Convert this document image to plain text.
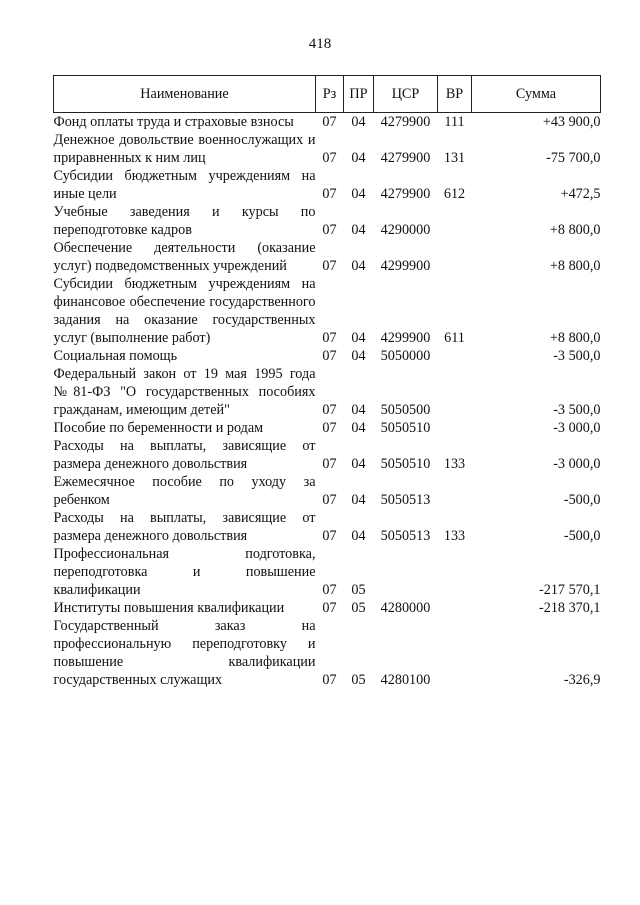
418
Наименование	Рз	ПР	ЦСР	ВР	Сумма
Фонд оплаты труда и страховые взносы	07	04	4279900	111	+43 900,0
Денежное довольствие военнослужащих и приравненных к ним лиц	07	04	4279900	131	-75 700,0
Субсидии бюджетным учреждениям на иные цели	07	04	4279900	612	+472,5
Учебные заведения и курсы по переподготовке кадров	07	04	4290000		+8 800,0
Обеспечение деятельности (оказание услуг) подведомственных учреждений	07	04	4299900		+8 800,0
Субсидии бюджетным учреждениям на финансовое обеспечение государственного задания на оказание государственных услуг (выполнение работ)	07	04	4299900	611	+8 800,0
Социальная помощь	07	04	5050000		-3 500,0
Федеральный закон от 19 мая 1995 года №81-ФЗ "О государственных пособиях гражданам, имеющим детей"	07	04	5050500		-3 500,0
Пособие по беременности и родам	07	04	5050510		-3 000,0
Расходы на выплаты, зависящие от размера денежного довольствия	07	04	5050510	133	-3 000,0
Ежемесячное пособие по уходу за ребенком	07	04	5050513		-500,0
Расходы на выплаты, зависящие от размера денежного довольствия	07	04	5050513	133	-500,0
Профессиональная подготовка, переподготовка и повышение квалификации	07	05			-217 570,1
Институты повышения квалификации	07	05	4280000		-218 370,1
Государственный заказ на профессиональную переподготовку и повышение квалификации государственных служащих	07	05	4280100		-326,9
